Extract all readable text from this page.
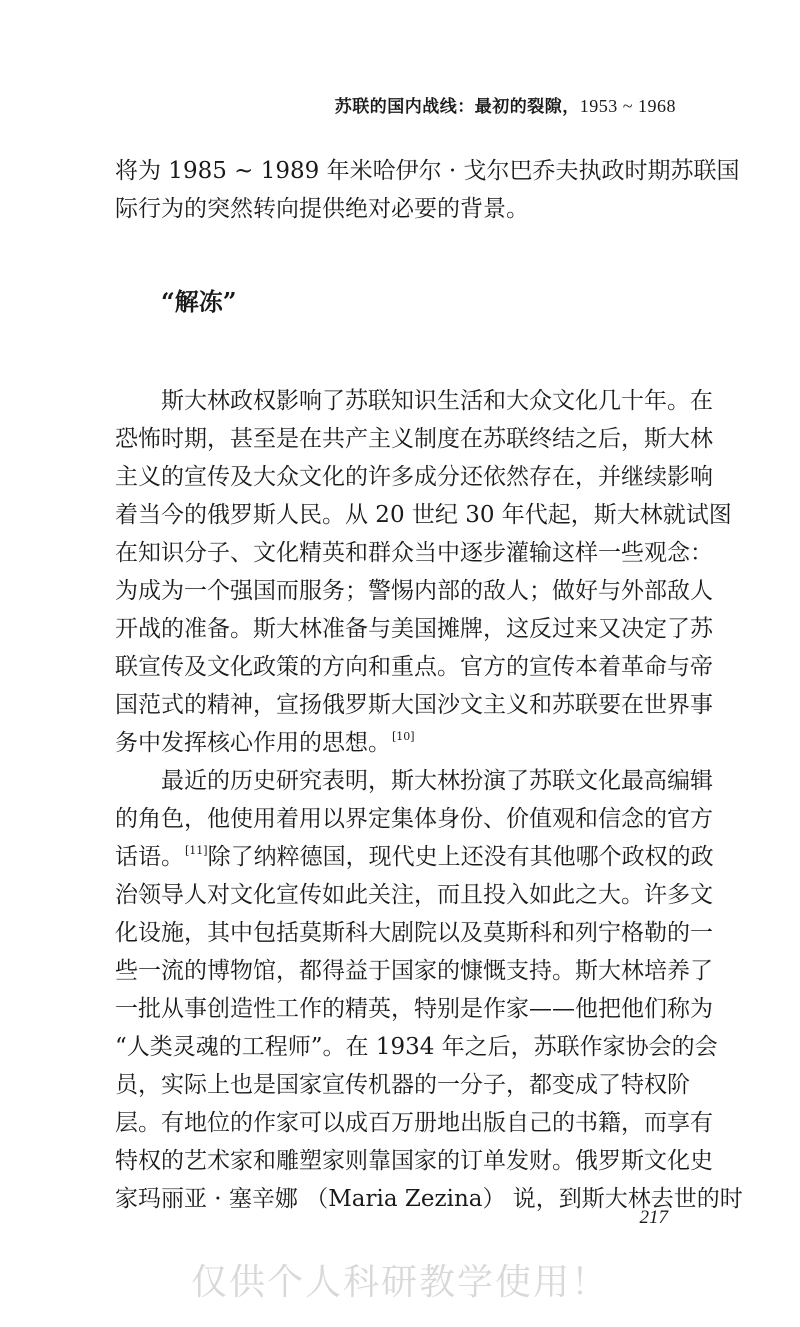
苏联的国内战线：最初的裂隙，1953 ~ 1968
将为 1985 ~ 1989 年米哈伊尔 · 戈尔巴乔夫执政时期苏联国
际行为的突然转向提供绝对必要的背景。
“解冻”
斯大林政权影响了苏联知识生活和大众文化几十年。在
恐怖时期，甚至是在共产主义制度在苏联终结之后，斯大林
主义的宣传及大众文化的许多成分还依然存在，并继续影响
着当今的俄罗斯人民。从 20 世纪 30 年代起，斯大林就试图
在知识分子、文化精英和群众当中逐步灌输这样一些观念：
为成为一个强国而服务；警惕内部的敌人；做好与外部敌人
开战的准备。斯大林准备与美国摊牌，这反过来又决定了苏
联宣传及文化政策的方向和重点。官方的宣传本着革命与帝
国范式的精神，宣扬俄罗斯大国沙文主义和苏联要在世界事
务中发挥核心作用的思想。[10]
最近的历史研究表明，斯大林扮演了苏联文化最高编辑
的角色，他使用着用以界定集体身份、价值观和信念的官方
话语。[11]除了纳粹德国，现代史上还没有其他哪个政权的政
治领导人对文化宣传如此关注，而且投入如此之大。许多文
化设施，其中包括莫斯科大剧院以及莫斯科和列宁格勒的一
些一流的博物馆，都得益于国家的慷慨支持。斯大林培养了
一批从事创造性工作的精英，特别是作家——他把他们称为
“人类灵魂的工程师”。在 1934 年之后，苏联作家协会的会
员，实际上也是国家宣传机器的一分子，都变成了特权阶
层。有地位的作家可以成百万册地出版自己的书籍，而享有
特权的艺术家和雕塑家则靠国家的订单发财。俄罗斯文化史
家玛丽亚 · 塞辛娜 （Maria Zezina） 说，到斯大林去世的时
217
仅供个人科研教学使用！
